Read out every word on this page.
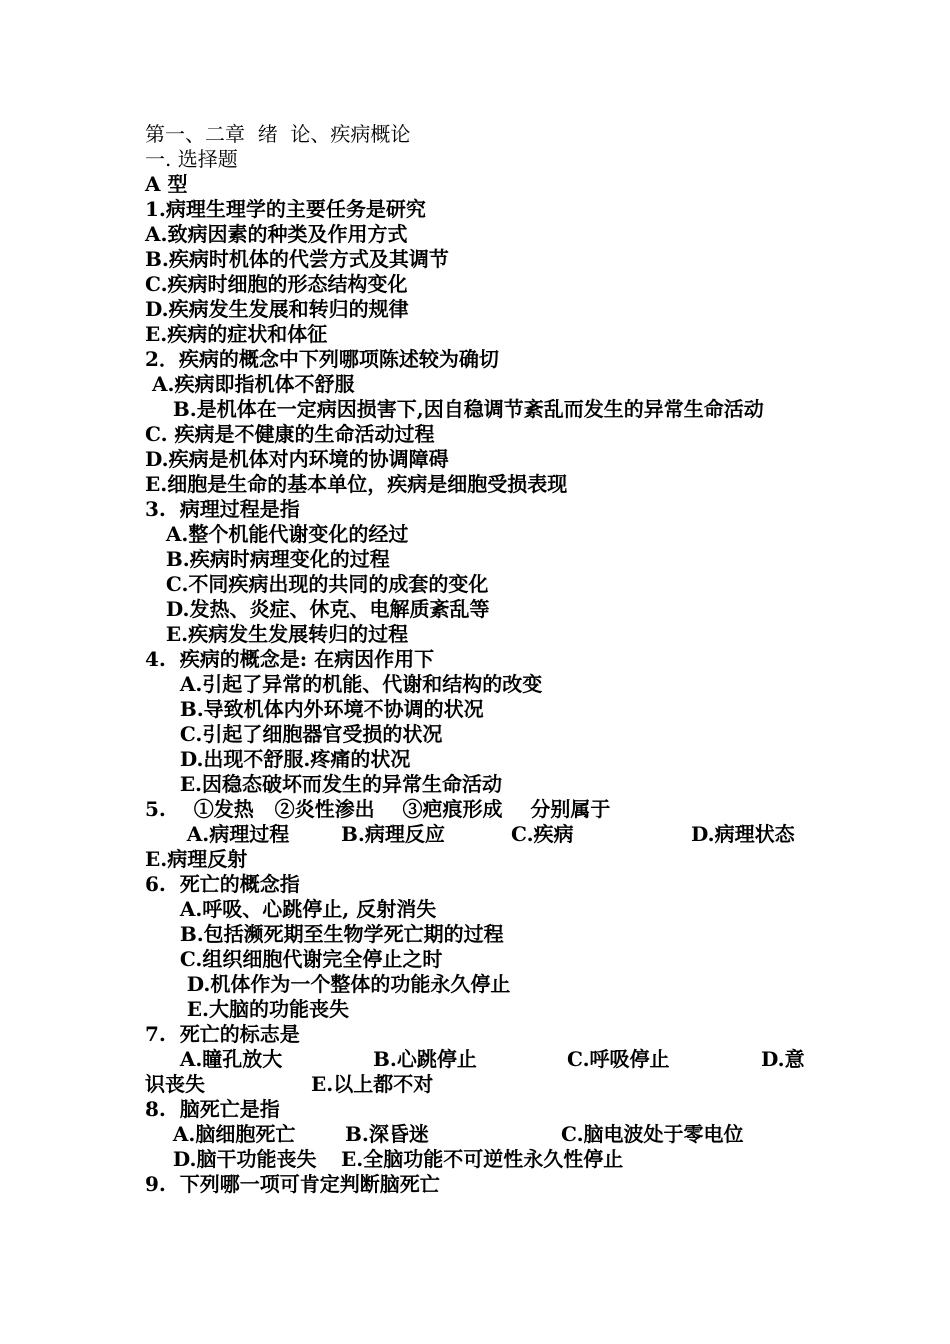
第一、二章  绪  论、疾病概论
一. 选择题
A 型
1.病理生理学的主要任务是研究
A.致病因素的种类及作用方式
B.疾病时机体的代尝方式及其调节
C.疾病时细胞的形态结构变化
D.疾病发生发展和转归的规律
E.疾病的症状和体征
2．疾病的概念中下列哪项陈述较为确切
A.疾病即指机体不舒服
B.是机体在一定病因损害下,因自稳调节紊乱而发生的异常生命活动
C. 疾病是不健康的生命活动过程
D.疾病是机体对内环境的协调障碍
E.细胞是生命的基本单位，疾病是细胞受损表现
3.  病理过程是指
A.整个机能代谢变化的经过
B.疾病时病理变化的过程
C.不同疾病出现的共同的成套的变化
D.发热、炎症、休克、电解质紊乱等
E.疾病发生发展转归的过程
4.  疾病的概念是: 在病因作用下
A.引起了异常的机能、代谢和结构的改变
B.导致机体内外环境不协调的状况
C.引起了细胞器官受损的状况
D.出现不舒服.疼痛的状况
E.因稳态破坏而发生的异常生命活动
5.    ①发热   ②炎性渗出    ③疤痕形成    分别属于
A.病理过程	B.病理反应	C.疾病	D.病理状态
E.病理反射
6.  死亡的概念指
A.呼吸、心跳停止, 反射消失
B.包括濒死期至生物学死亡期的过程
C.组织细胞代谢完全停止之时
D.机体作为一个整体的功能永久停止
E.大脑的功能丧失
7.  死亡的标志是
A.瞳孔放大	B.心跳停止	C.呼吸停止	D.意
识丧失	E.以上都不对
8.  脑死亡是指
A.脑细胞死亡	B.深昏迷	C.脑电波处于零电位
D.脑干功能丧失	E.全脑功能不可逆性永久性停止
9.  下列哪一项可肯定判断脑死亡
